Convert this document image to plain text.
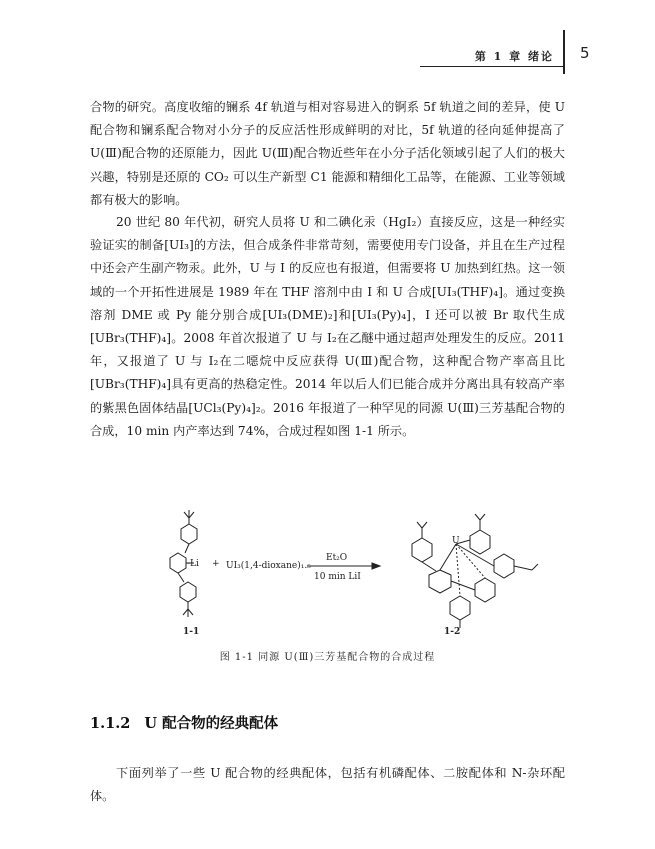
第 1 章 绪论 5
合物的研究。高度收缩的镧系 4f 轨道与相对容易进入的锕系 5f 轨道之间的差异，使 U 配合物和镧系配合物对小分子的反应活性形成鲜明的对比，5f 轨道的径向延伸提高了 U(Ⅲ)配合物的还原能力，因此 U(Ⅲ)配合物近些年在小分子活化领域引起了人们的极大兴趣，特别是还原的 CO₂ 可以生产新型 C1 能源和精细化工品等，在能源、工业等领域都有极大的影响。
20 世纪 80 年代初，研究人员将 U 和二碘化汞（HgI₂）直接反应，这是一种经实验证实的制备[UI₃]的方法，但合成条件非常苛刻，需要使用专门设备，并且在生产过程中还会产生副产物汞。此外，U 与 I 的反应也有报道，但需要将 U 加热到红热。这一领域的一个开拓性进展是 1989 年在 THF 溶剂中由 I 和 U 合成[UI₃(THF)₄]。通过变换溶剂 DME 或 Py 能分别合成[UI₃(DME)₂]和[UI₃(Py)₄]，I 还可以被 Br 取代生成[UBr₃(THF)₄]。2008 年首次报道了 U 与 I₂在乙醚中通过超声处理发生的反应。2011 年，又报道了 U 与 I₂在二噁烷中反应获得 U(Ⅲ)配合物，这种配合物产率高且比[UBr₃(THF)₄]具有更高的热稳定性。2014 年以后人们已能合成并分离出具有较高产率的紫黑色固体结晶[UCl₃(Py)₄]₂。2016 年报道了一种罕见的同源 U(Ⅲ)三芳基配合物的合成，10 min 内产率达到 74%，合成过程如图 1-1 所示。
-Li + UI₃(1,4-dioxane)₁.₅
Et₂O
10 min LiI
U
1-1	1-2
图 1-1 同源 U(Ⅲ)三芳基配合物的合成过程
1.1.2 U 配合物的经典配体
下面列举了一些 U 配合物的经典配体，包括有机磷配体、二胺配体和 N-杂环配体。
